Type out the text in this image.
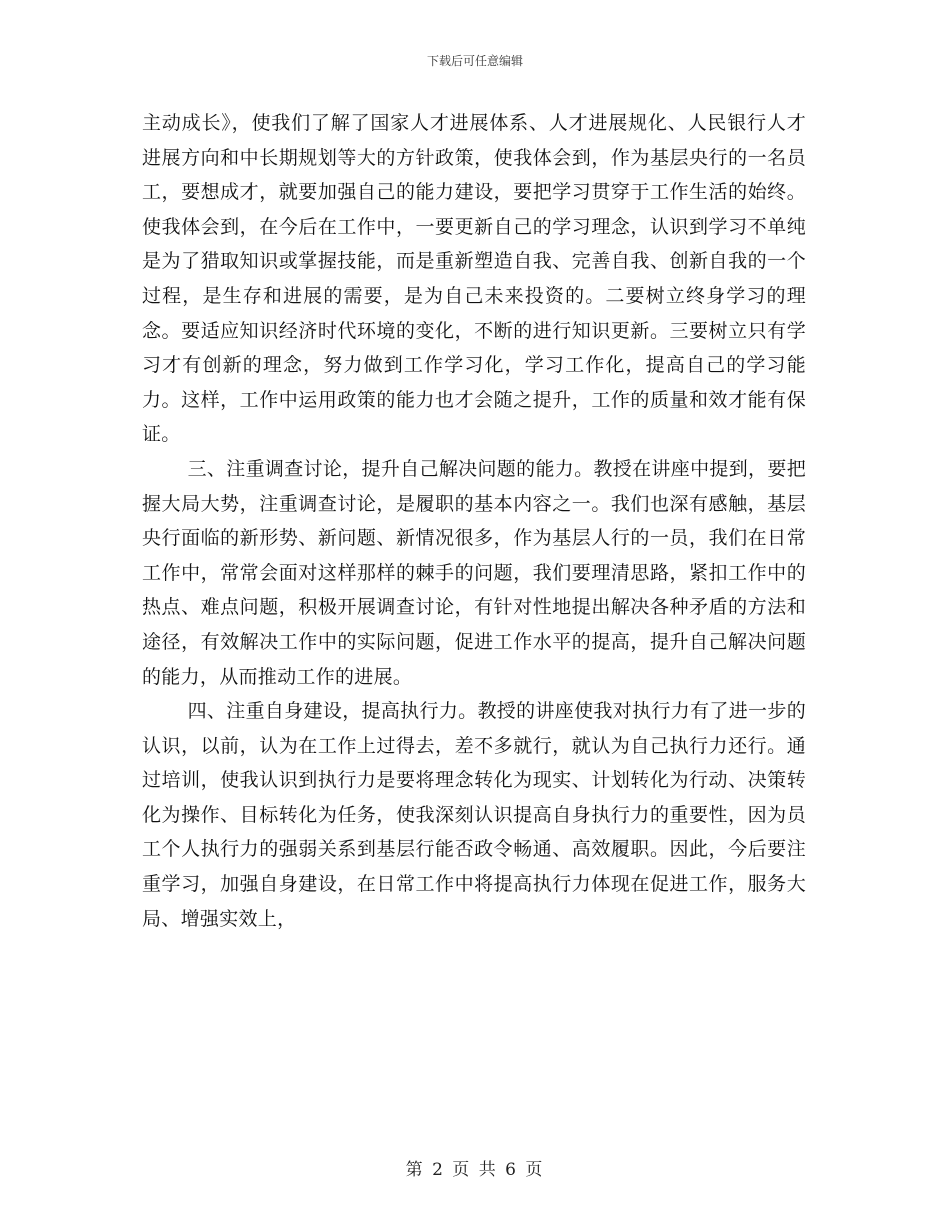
下载后可任意编辑

主动成长》，使我们了解了国家人才进展体系、人才进展规化、人民银行人才进展方向和中长期规划等大的方针政策，使我体会到，作为基层央行的一名员工，要想成才，就要加强自己的能力建设，要把学习贯穿于工作生活的始终。使我体会到，在今后在工作中，一要更新自己的学习理念，认识到学习不单纯是为了猎取知识或掌握技能，而是重新塑造自我、完善自我、创新自我的一个过程，是生存和进展的需要，是为自己未来投资的。二要树立终身学习的理念。要适应知识经济时代环境的变化，不断的进行知识更新。三要树立只有学习才有创新的理念，努力做到工作学习化，学习工作化，提高自己的学习能力。这样，工作中运用政策的能力也才会随之提升，工作的质量和效才能有保证。

三、注重调查讨论，提升自己解决问题的能力。教授在讲座中提到，要把握大局大势，注重调查讨论，是履职的基本内容之一。我们也深有感触，基层央行面临的新形势、新问题、新情况很多，作为基层人行的一员，我们在日常工作中，常常会面对这样那样的棘手的问题，我们要理清思路，紧扣工作中的热点、难点问题，积极开展调查讨论，有针对性地提出解决各种矛盾的方法和途径，有效解决工作中的实际问题，促进工作水平的提高，提升自己解决问题的能力，从而推动工作的进展。

四、注重自身建设，提高执行力。教授的讲座使我对执行力有了进一步的认识，以前，认为在工作上过得去，差不多就行，就认为自己执行力还行。通过培训，使我认识到执行力是要将理念转化为现实、计划转化为行动、决策转化为操作、目标转化为任务，使我深刻认识提高自身执行力的重要性，因为员工个人执行力的强弱关系到基层行能否政令畅通、高效履职。因此，今后要注重学习，加强自身建设，在日常工作中将提高执行力体现在促进工作，服务大局、增强实效上，

第 2 页 共 6 页
